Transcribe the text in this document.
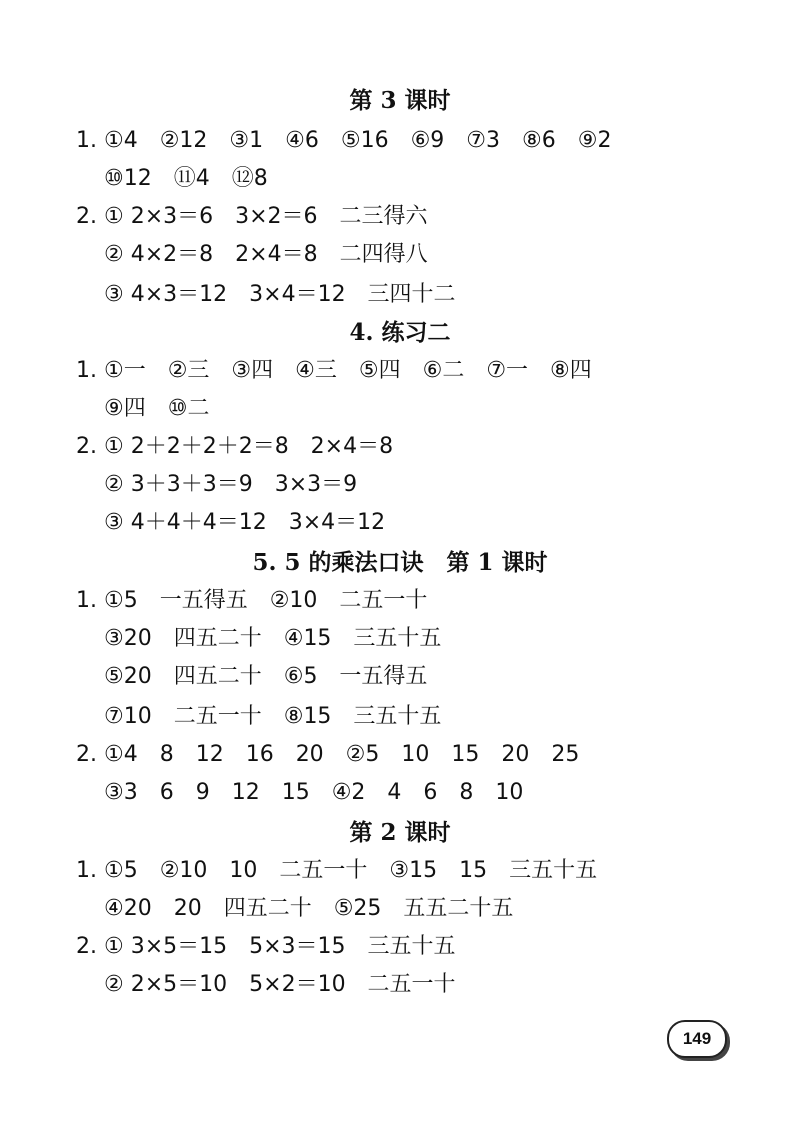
第 3 课时
1. ①4　②12　③1　④6　⑤16　⑥9　⑦3　⑧6　⑨2
⑩12　⑪4　⑫8
2. ① 2×3＝6　3×2＝6　二三得六
② 4×2＝8　2×4＝8　二四得八
③ 4×3＝12　3×4＝12　三四十二
4. 练习二
1. ①一　②三　③四　④三　⑤四　⑥二　⑦一　⑧四
⑨四　⑩二
2. ① 2＋2＋2＋2＝8　2×4＝8
② 3＋3＋3＝9　3×3＝9
③ 4＋4＋4＝12　3×4＝12
5. 5 的乘法口诀　第 1 课时
1. ①5　一五得五　②10　二五一十
③20　四五二十　④15　三五十五
⑤20　四五二十　⑥5　一五得五
⑦10　二五一十　⑧15　三五十五
2. ①4　8　12　16　20　②5　10　15　20　25
③3　6　9　12　15　④2　4　6　8　10
第 2 课时
1. ①5　②10　10　二五一十　③15　15　三五十五
④20　20　四五二十　⑤25　五五二十五
2. ① 3×5＝15　5×3＝15　三五十五
② 2×5＝10　5×2＝10　二五一十
149
